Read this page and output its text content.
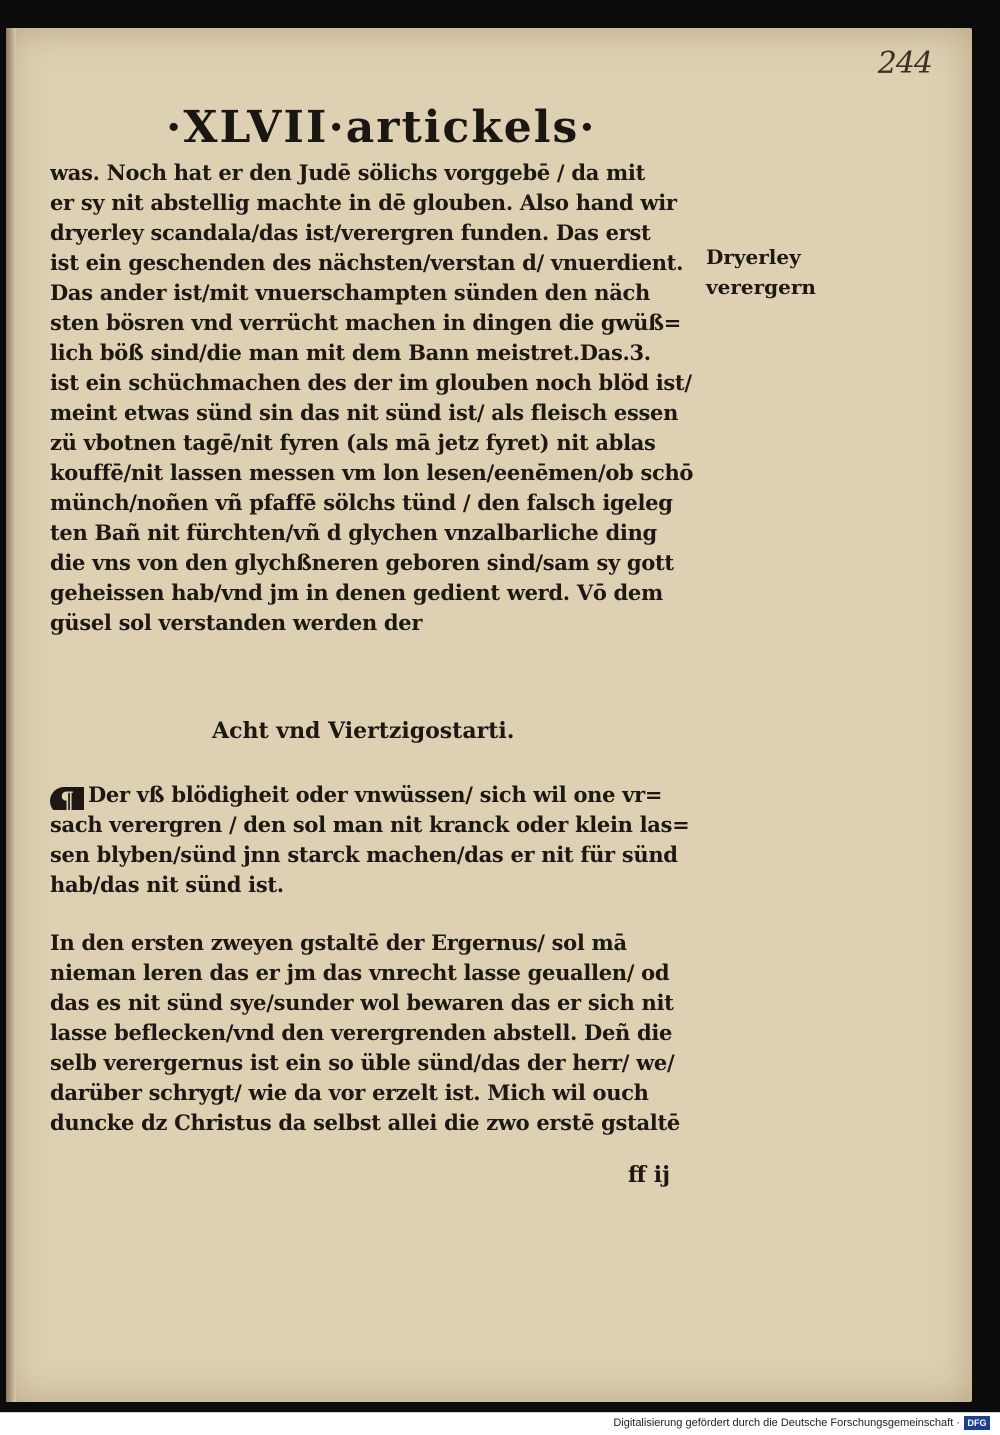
244
·XLVII·artickels·
was. Noch hat er den Judē sölichs vorggebē / da mit
er sy nit abstellig machte in dē glouben. Also hand wir
dryerley scandala/das ist/verergren funden. Das erst
ist ein geschenden des nächsten/verstan d/ vnuerdient.
Das ander ist/mit vnuerschampten sünden den näch
sten bösren vnd verrücht machen in dingen die gwüß=
lich böß sind/die man mit dem Bann meistret.Das.3.
ist ein schüchmachen des der im glouben noch blöd ist/
meint etwas sünd sin das nit sünd ist/ als fleisch essen
zü vbotnen tagē/nit fyren (als mā jetz fyret) nit ablas
kouffē/nit lassen messen vm lon lesen/eenēmen/ob schō
münch/noñen vñ pfaffē sölchs tünd / den falsch igeleg
ten Bañ nit fürchten/vñ d glychen vnzalbarliche ding
die vns von den glychßneren geboren sind/sam sy gott
geheissen hab/vnd jm in denen gedient werd. Vō dem
güsel sol verstanden werden der
Dryerley
verergern
Acht vnd Viertzigostarti.
¶ Der vß blödigheit oder vnwüssen/ sich wil one vr=
sach verergren / den sol man nit kranck oder klein las=
sen blyben/sünd jnn starck machen/das er nit für sünd
hab/das nit sünd ist.
In den ersten zweyen gstaltē der Ergernus/ sol mā
nieman leren das er jm das vnrecht lasse geuallen/ od
das es nit sünd sye/sunder wol bewaren das er sich nit
lasse beflecken/vnd den verergrenden abstell. Deñ die
selb verergernus ist ein so üble sünd/das der herr/ we/
darüber schrygt/ wie da vor erzelt ist. Mich wil ouch
duncke dz Christus da selbst allei die zwo erstē gstaltē
ff ij
Digitalisierung gefördert durch die Deutsche Forschungsgemeinschaft · DFG
